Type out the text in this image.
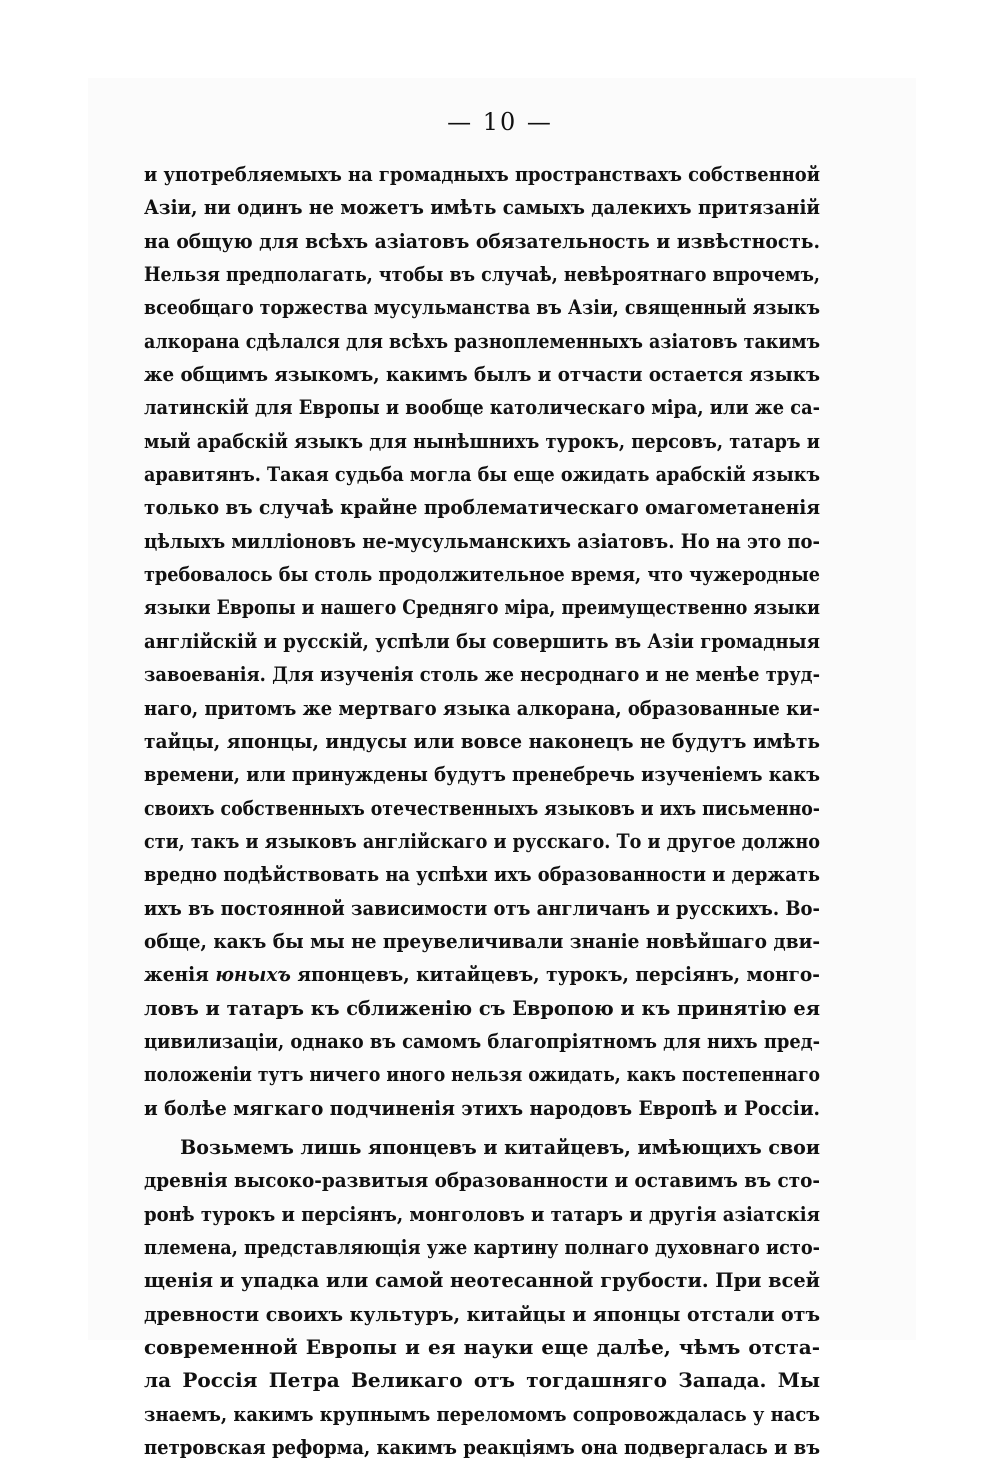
— 10 —
и употребляемыхъ на громадныхъ пространствахъ собственной
Азіи, ни одинъ не можетъ имѣть самыхъ далекихъ притязаній
на общую для всѣхъ азіатовъ обязательность и извѣстность.
Нельзя предполагать, чтобы въ случаѣ, невѣроятнаго впрочемъ,
всеобщаго торжества мусульманства въ Азіи, священный языкъ
алкорана сдѣлался для всѣхъ разноплеменныхъ азіатовъ такимъ
же общимъ языкомъ, какимъ былъ и отчасти остается языкъ
латинскій для Европы и вообще католическаго міра, или же са-
мый арабскій языкъ для нынѣшнихъ турокъ, персовъ, татаръ и
аравитянъ. Такая судьба могла бы еще ожидать арабскій языкъ
только въ случаѣ крайне проблематическаго омагометаненія
цѣлыхъ милліоновъ не-мусульманскихъ азіатовъ. Но на это по-
требовалось бы столь продолжительное время, что чужеродные
языки Европы и нашего Средняго міра, преимущественно языки
англійскій и русскій, успѣли бы совершить въ Азіи громадныя
завоеванія. Для изученія столь же несроднаго и не менѣе труд-
наго, притомъ же мертваго языка алкорана, образованные ки-
тайцы, японцы, индусы или вовсе наконецъ не будутъ имѣть
времени, или принуждены будутъ пренебречь изученіемъ какъ
своихъ собственныхъ отечественныхъ языковъ и ихъ письменно-
сти, такъ и языковъ англійскаго и русскаго. То и другое должно
вредно подѣйствовать на успѣхи ихъ образованности и держать
ихъ въ постоянной зависимости отъ англичанъ и русскихъ. Во-
обще, какъ бы мы не преувеличивали знаніе новѣйшаго дви-
женія юныхъ японцевъ, китайцевъ, турокъ, персіянъ, монго-
ловъ и татаръ къ сближенію съ Европою и къ принятію ея
цивилизаціи, однако въ самомъ благопріятномъ для нихъ пред-
положеніи тутъ ничего иного нельзя ожидать, какъ постепеннаго
и болѣе мягкаго подчиненія этихъ народовъ Европѣ и Россіи.
Возьмемъ лишь японцевъ и китайцевъ, имѣющихъ свои
древнія высоко-развитыя образованности и оставимъ въ сто-
ронѣ турокъ и персіянъ, монголовъ и татаръ и другія азіатскія
племена, представляющія уже картину полнаго духовнаго исто-
щенія и упадка или самой неотесанной грубости. При всей
древности своихъ культуръ, китайцы и японцы отстали отъ
современной Европы и ея науки еще далѣе, чѣмъ отста-
ла Россія Петра Великаго отъ тогдашняго Запада. Мы
знаемъ, какимъ крупнымъ переломомъ сопровождалась у насъ
петровская реформа, какимъ реакціямъ она подвергалась и въ
